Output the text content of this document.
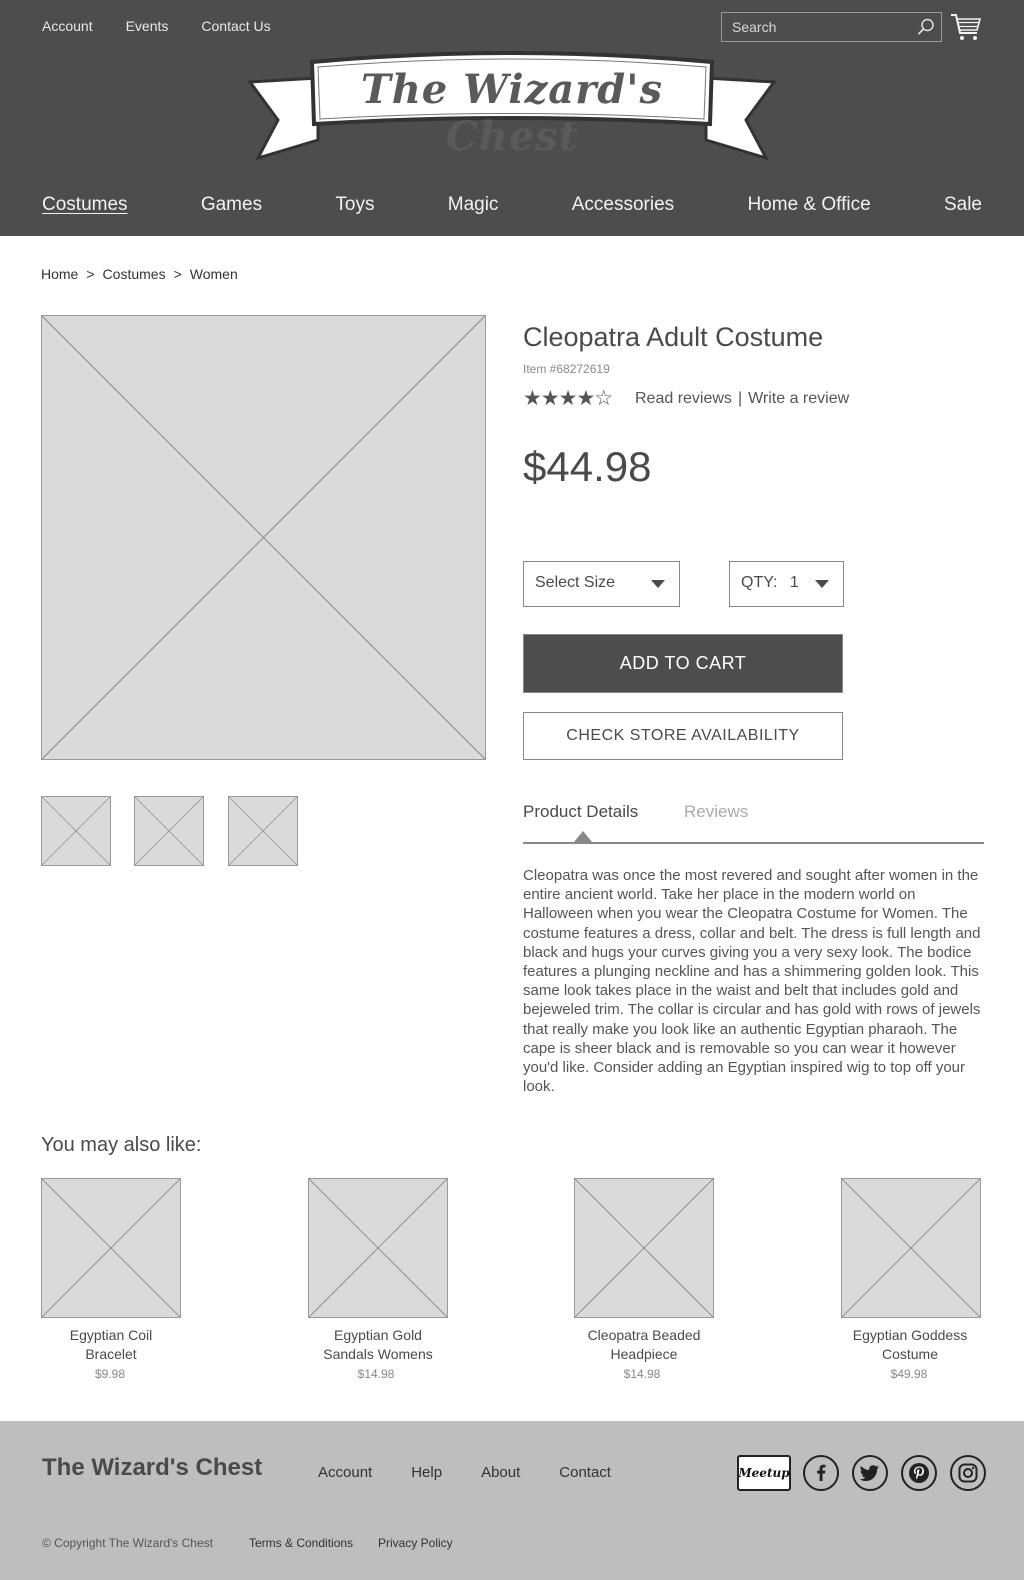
Account Events Contact Us
Search
The Wizard's Chest
Costumes	Games	Toys	Magic	Accessories	Home & Office	Sale
Home > Costumes > Women
Cleopatra Adult Costume
Item #68272619
★★★★☆ Read reviews | Write a review
$44.98
Select Size	QTY: 1
ADD TO CART
CHECK STORE AVAILABILITY
Product Details	Reviews
Cleopatra was once the most revered and sought after women in the entire ancient world. Take her place in the modern world on Halloween when you wear the Cleopatra Costume for Women. The costume features a dress, collar and belt. The dress is full length and black and hugs your curves giving you a very sexy look. The bodice features a plunging neckline and has a shimmering golden look. This same look takes place in the waist and belt that includes gold and bejeweled trim. The collar is circular and has gold with rows of jewels that really make you look like an authentic Egyptian pharaoh. The cape is sheer black and is removable so you can wear it however you'd like. Consider adding an Egyptian inspired wig to top off your look.
You may also like:
Egyptian Coil
Bracelet
$9.98
Egyptian Gold
Sandals Womens
$14.98
Cleopatra Beaded
Headpiece
$14.98
Egyptian Goddess
Costume
$49.98
The Wizard's Chest	Account	Help	About	Contact	Meetup
© Copyright The Wizard's Chest	Terms & Conditions Privacy Policy
